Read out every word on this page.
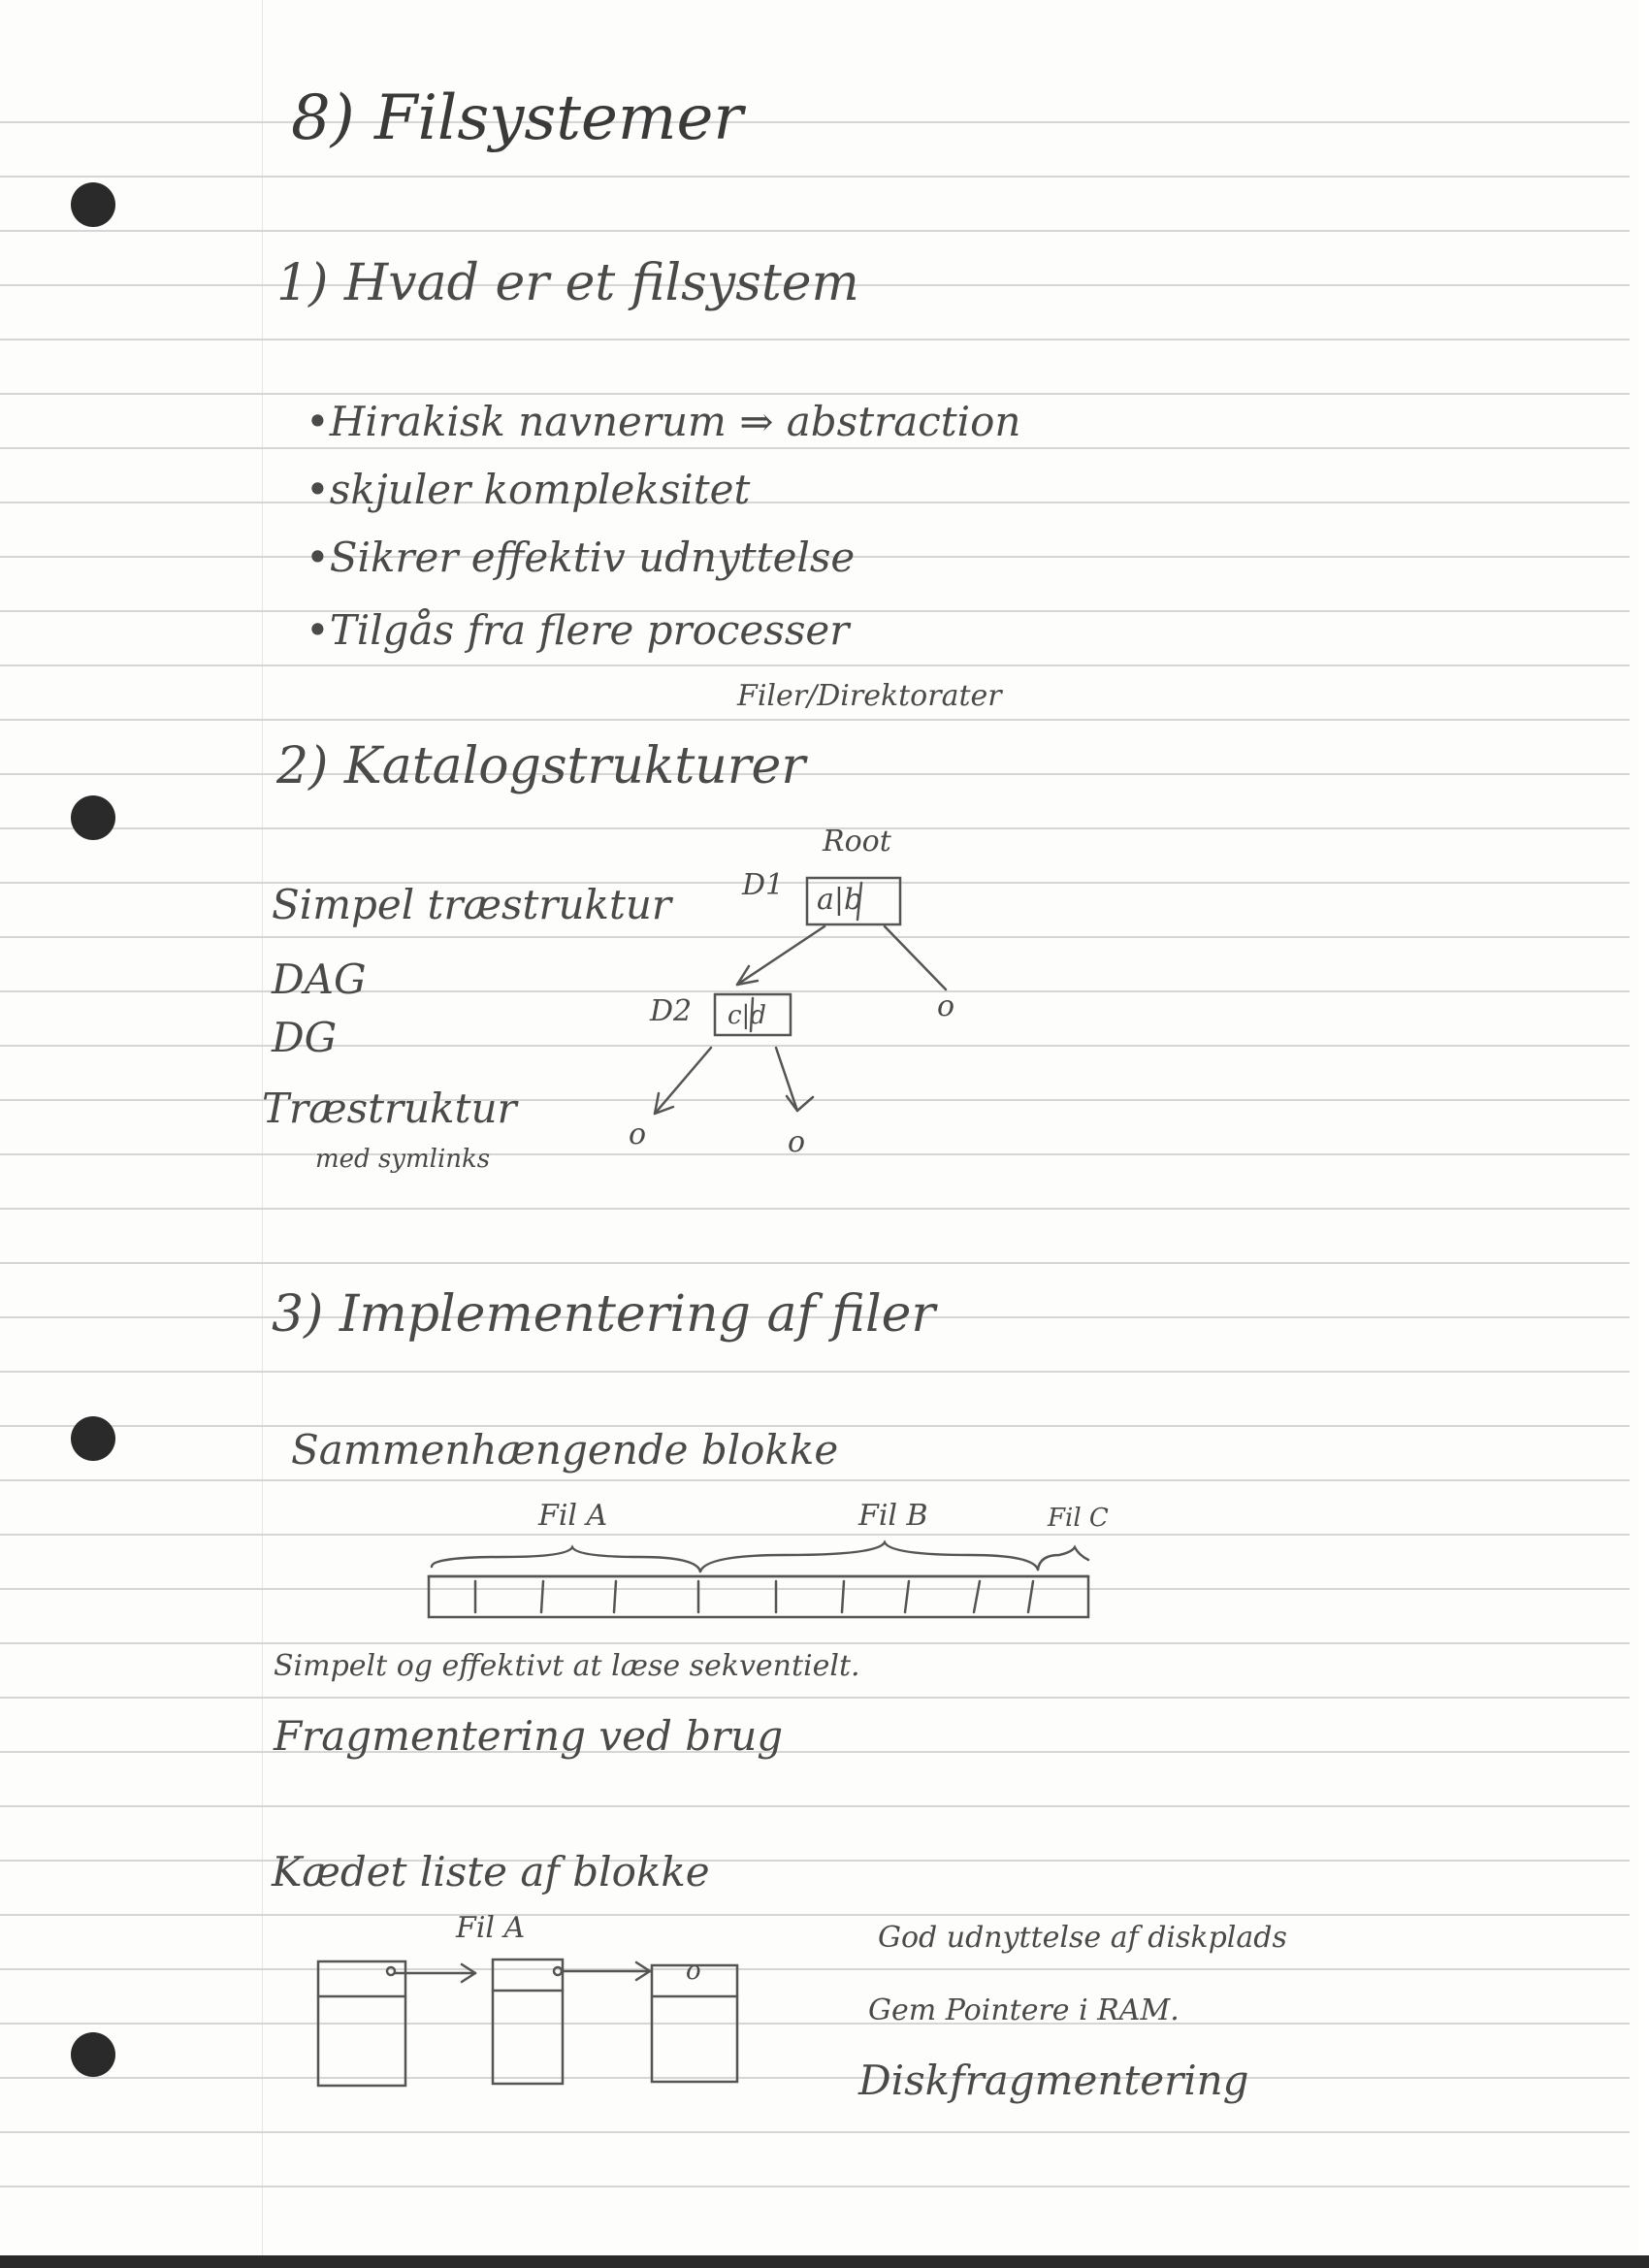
8) Filsystemer
1) Hvad er et filsystem
•Hirakisk navnerum ⇒ abstraction
•skjuler kompleksitet
•Sikrer effektiv udnyttelse
•Tilgås fra flere processer
Filer/Direktorater
2) Katalogstrukturer
Simpel træstruktur
DAG
DG
Træstruktur
med symlinks
Root
D1 a|b
D2 c|d	o
o	o
3) Implementering af filer
Sammenhængende blokke
Fil A	Fil B	Fil C
Simpelt og effektivt at læse sekventielt.
Fragmentering ved brug
Kædet liste af blokke
Fil A
o
God udnyttelse af diskplads
Gem Pointere i RAM.
Diskfragmentering
